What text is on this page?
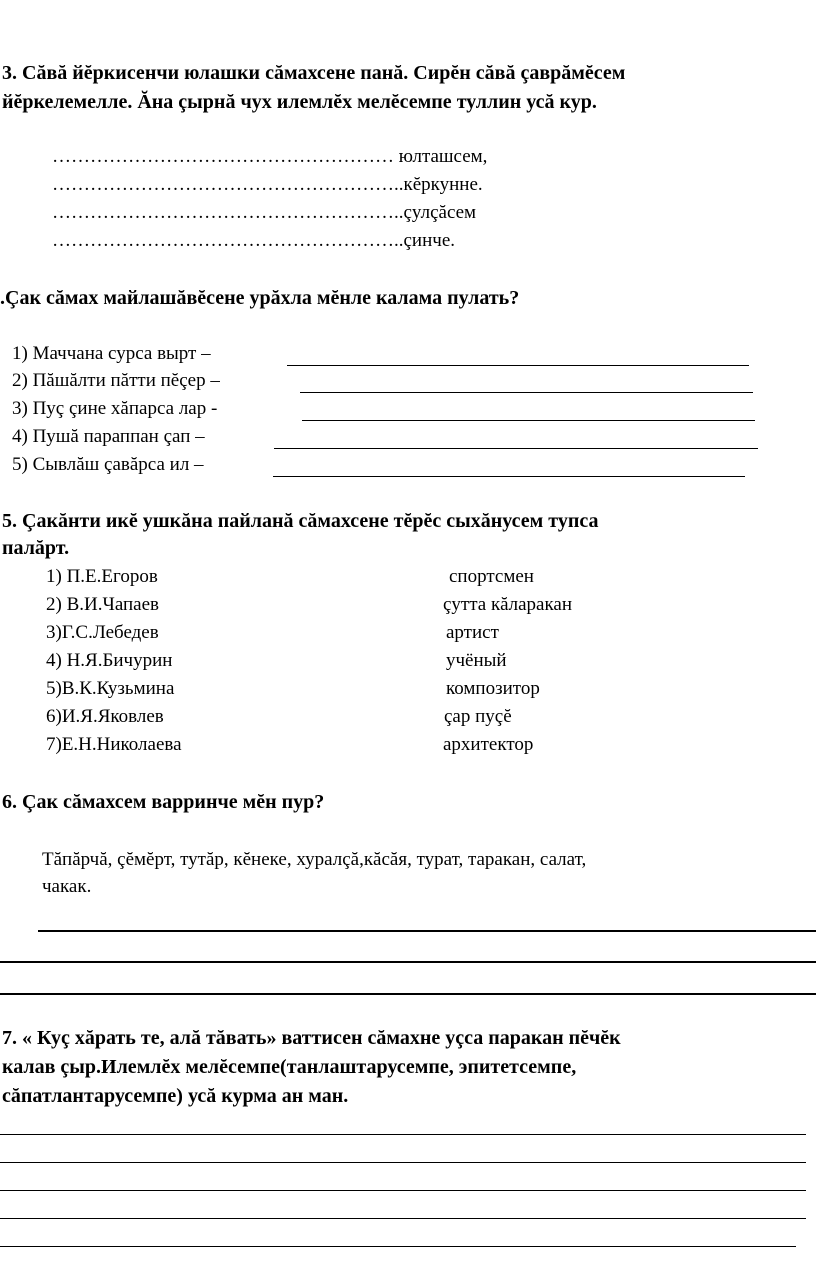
3. Сăвă йĕркисенчи юлашки сăмахсене панă. Сирĕн сăвă çаврăмĕсем
йĕркелемелле. Ăна çырнă чух илемлĕх мелĕсемпе туллин усă кур.
……………………………………………… юлташсем,
………………………………………………..кĕркунне.
………………………………………………..çулçăсем
………………………………………………..çинче.
.Çак сăмах майлашăвĕсене урăхла мĕнле калама пулать?
1) Маччана сурса вырт –
2) Пăшăлти пăтти пĕçер –
3) Пуç çине хăпарса лар -
4) Пушă параппан çап –
5) Сывлăш çавăрса ил –
5. Çакăнти икĕ ушкăна пайланă сăмахсене тĕрĕс сыхăнусем тупса
палăрт.
1) П.Е.Егоров
2) В.И.Чапаев
3)Г.С.Лебедев
4) Н.Я.Бичурин
5)В.К.Кузьмина
6)И.Я.Яковлев
7)Е.Н.Николаева
спортсмен
çутта кăларакан
артист
учёный
композитор
çар пуçĕ
архитектор
6. Çак сăмахсем варринче мĕн пур?
Тăпăрчă, çĕмĕрт, тутăр, кĕнеке, хуралçă,кăсăя, турат, таракан, салат,
чакак.
7. « Куç хăрать те, алă тăвать» ваттисен сăмахне уçса паракан пĕчĕк
калав çыр.Илемлĕх мелĕсемпе(танлаштарусемпе, эпитетсемпе,
сăпатлантарусемпе) усă курма ан ман.
